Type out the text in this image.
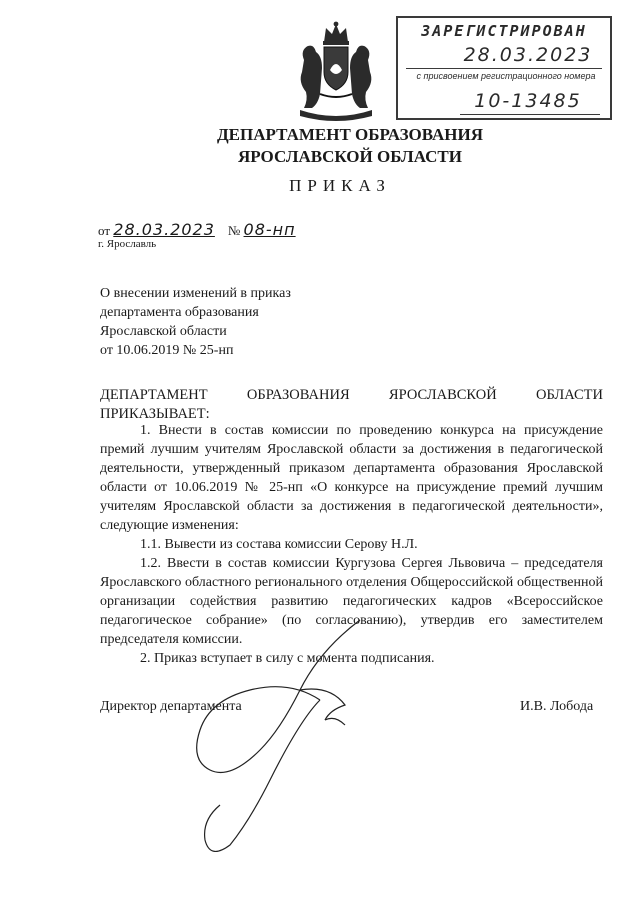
ЗАРЕГИСТРИРОВАН
28.03.2023
с присвоением регистрационного номера
10-13485
ДЕПАРТАМЕНТ ОБРАЗОВАНИЯ
ЯРОСЛАВСКОЙ ОБЛАСТИ
ПРИКАЗ
от 28.03.2023 № 08-нп
г. Ярославль
О внесении изменений в приказ
департамента образования
Ярославской области
от 10.06.2019 № 25-нп
ДЕПАРТАМЕНТ ОБРАЗОВАНИЯ ЯРОСЛАВСКОЙ ОБЛАСТИ
ПРИКАЗЫВАЕТ:
1. Внести в состав комиссии по проведению конкурса на присуждение премий лучшим учителям Ярославской области за достижения в педагогической деятельности, утвержденный приказом департамента образования Ярославской области от 10.06.2019 № 25-нп «О конкурсе на присуждение премий лучшим учителям Ярославской области за достижения в педагогической деятельности», следующие изменения:
1.1. Вывести из состава комиссии Серову Н.Л.
1.2. Ввести в состав комиссии Кургузова Сергея Львовича – председателя Ярославского областного регионального отделения Общероссийской общественной организации содействия развитию педагогических кадров «Всероссийское педагогическое собрание» (по согласованию), утвердив его заместителем председателя комиссии.
2. Приказ вступает в силу с момента подписания.
Директор департамента	И.В. Лобода
